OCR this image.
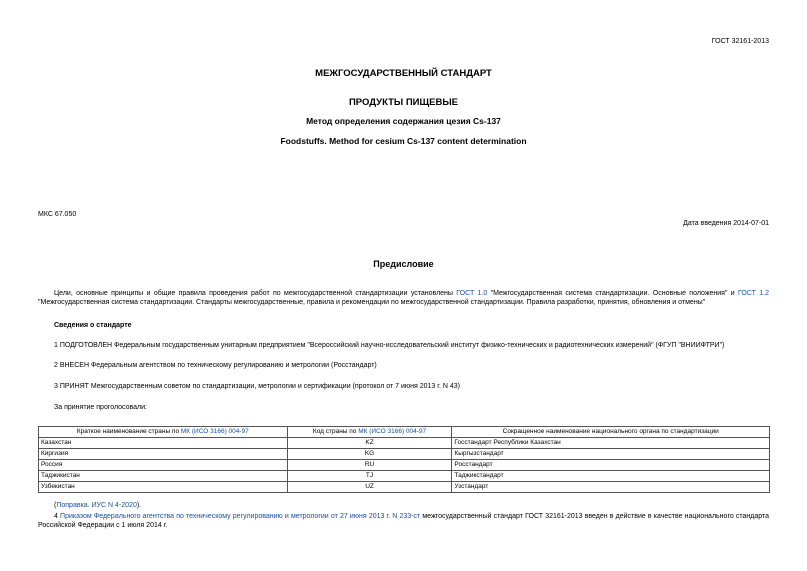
ГОСТ 32161-2013
МЕЖГОСУДАРСТВЕННЫЙ СТАНДАРТ
ПРОДУКТЫ ПИЩЕВЫЕ
Метод определения содержания цезия Cs-137
Foodstuffs. Method for cesium Cs-137 content determination
МКС 67.050
Дата введения 2014-07-01
Предисловие
Цели, основные принципы и общие правила проведения работ по межгосударственной стандартизации установлены ГОСТ 1.0 "Межгосударственная система стандартизации. Основные положения" и ГОСТ 1.2 "Межгосударственная система стандартизации. Стандарты межгосударственные, правила и рекомендации по межгосударственной стандартизации. Правила разработки, принятия, обновления и отмены"
Сведения о стандарте
1 ПОДГОТОВЛЕН Федеральным государственным унитарным предприятием "Всероссийский научно-исследовательский институт физико-технических и радиотехнических измерений" (ФГУП "ВНИИФТРИ")
2 ВНЕСЕН Федеральным агентством по техническому регулированию и метрологии (Росстандарт)
3 ПРИНЯТ Межгосударственным советом по стандартизации, метрологии и сертификации (протокол от 7 июня 2013 г. N 43)
За принятие проголосовали:
Краткое наименование страны по МК (ИСО 3166) 004-97	Код страны по МК (ИСО 3166) 004-97	Сокращенное наименование национального органа по стандартизации
Казахстан	KZ	Госстандарт Республики Казахстан
Киргизия	KG	Кыргызстандарт
Россия	RU	Росстандарт
Таджикистан	TJ	Таджикстандарт
Узбекистан	UZ	Узстандарт
(Поправка. ИУС N 4-2020).
4 Приказом Федерального агентства по техническому регулированию и метрологии от 27 июня 2013 г. N 233-ст межгосударственный стандарт ГОСТ 32161-2013 введен в действие в качестве национального стандарта Российской Федерации с 1 июля 2014 г.
